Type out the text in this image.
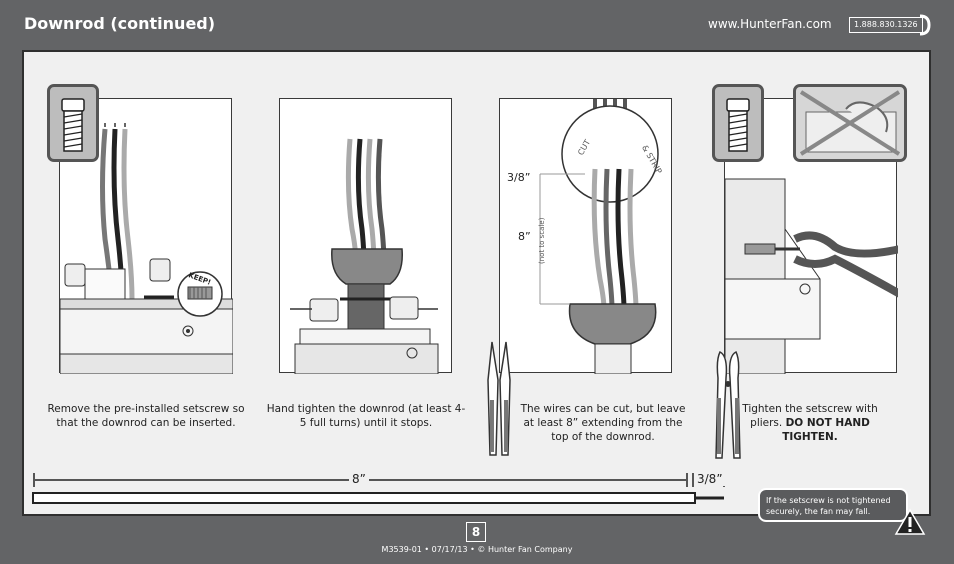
Downrod (continued)	www.HunterFan.com	1.888.830.1326
KEEP!
Remove the pre-installed setscrew so that the downrod can be inserted.
Hand tighten the downrod (at least 4-5 full turns) until it stops.
CUT	& STRIP
3/8”
8” (not to scale)
The wires can be cut, but leave at least 8” extending from the top of the downrod.
Tighten the setscrew with pliers. DO NOT HAND TIGHTEN.
8”	3/8”
If the setscrew is not tightened securely, the fan may fall.
8
M3539-01 • 07/17/13 • © Hunter Fan Company
